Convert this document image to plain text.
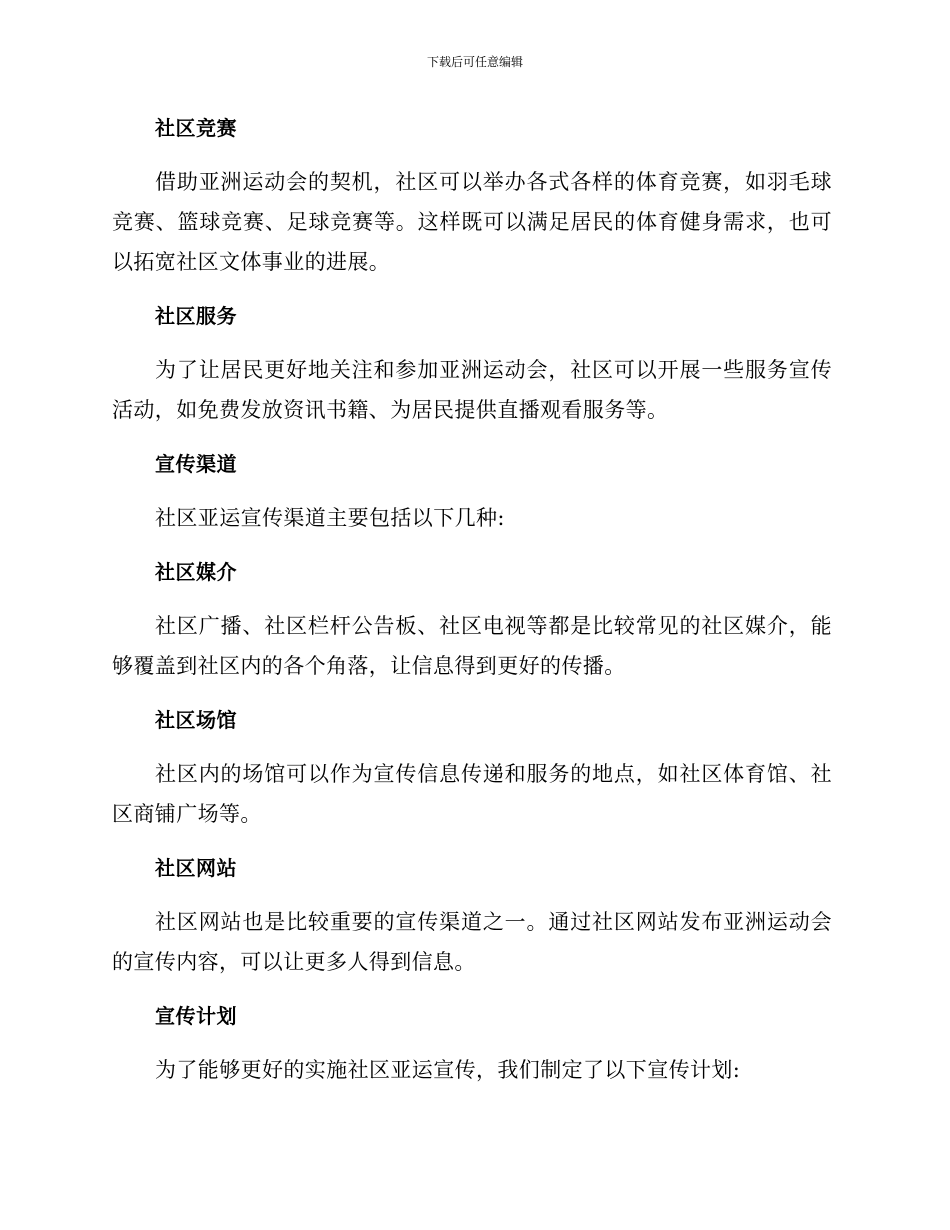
下载后可任意编辑
社区竞赛

借助亚洲运动会的契机，社区可以举办各式各样的体育竞赛，如羽毛球竞赛、篮球竞赛、足球竞赛等。这样既可以满足居民的体育健身需求，也可以拓宽社区文体事业的进展。

社区服务

为了让居民更好地关注和参加亚洲运动会，社区可以开展一些服务宣传活动，如免费发放资讯书籍、为居民提供直播观看服务等。

宣传渠道

社区亚运宣传渠道主要包括以下几种:

社区媒介

社区广播、社区栏杆公告板、社区电视等都是比较常见的社区媒介，能够覆盖到社区内的各个角落，让信息得到更好的传播。

社区场馆

社区内的场馆可以作为宣传信息传递和服务的地点，如社区体育馆、社区商铺广场等。

社区网站

社区网站也是比较重要的宣传渠道之一。通过社区网站发布亚洲运动会的宣传内容，可以让更多人得到信息。

宣传计划

为了能够更好的实施社区亚运宣传，我们制定了以下宣传计划:
